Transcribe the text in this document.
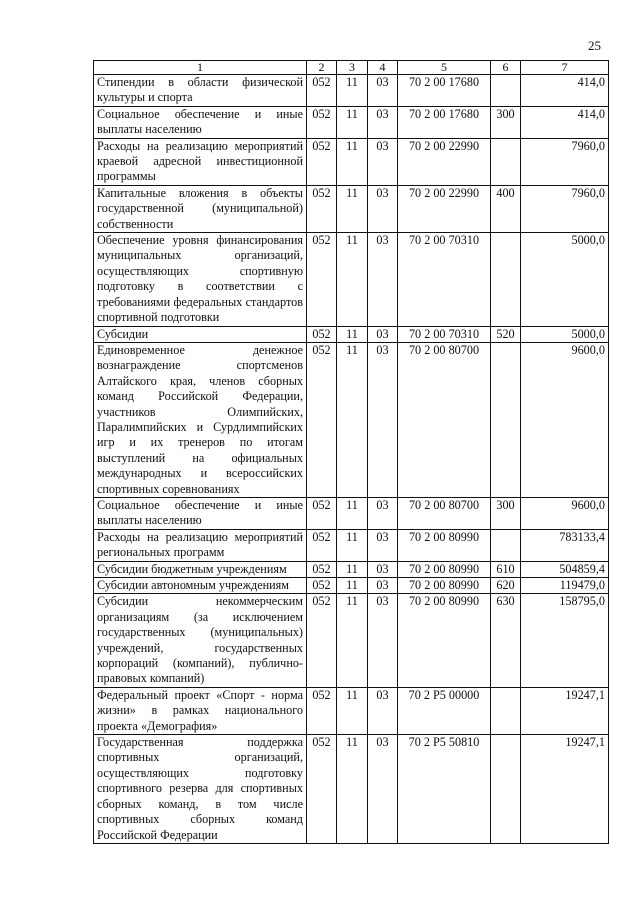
25
1	2	3	4	5	6	7
Стипендии в области физической культуры и спорта	052	11	03	70 2 00 17680		414,0
Социальное обеспечение и иные выплаты населению	052	11	03	70 2 00 17680	300	414,0
Расходы на реализацию мероприятий краевой адресной инвестиционной программы	052	11	03	70 2 00 22990		7960,0
Капитальные вложения в объекты государственной (муниципальной) собственности	052	11	03	70 2 00 22990	400	7960,0
Обеспечение уровня финансирования муниципальных организаций, осуществляющих спортивную подготовку в соответствии с требованиями федеральных стандартов спортивной подготовки	052	11	03	70 2 00 70310		5000,0
Субсидии	052	11	03	70 2 00 70310	520	5000,0
Единовременное денежное вознаграждение спортсменов Алтайского края, членов сборных команд Российской Федерации, участников Олимпийских, Паралимпийских и Сурдлимпийских игр и их тренеров по итогам выступлений на официальных международных и всероссийских спортивных соревнованиях	052	11	03	70 2 00 80700		9600,0
Социальное обеспечение и иные выплаты населению	052	11	03	70 2 00 80700	300	9600,0
Расходы на реализацию мероприятий региональных программ	052	11	03	70 2 00 80990		783133,4
Субсидии бюджетным учреждениям	052	11	03	70 2 00 80990	610	504859,4
Субсидии автономным учреждениям	052	11	03	70 2 00 80990	620	119479,0
Субсидии некоммерческим организациям (за исключением государственных (муниципальных) учреждений, государственных корпораций (компаний), публично-правовых компаний)	052	11	03	70 2 00 80990	630	158795,0
Федеральный проект «Спорт - норма жизни» в рамках национального проекта «Демография»	052	11	03	70 2 P5 00000		19247,1
Государственная поддержка спортивных организаций, осуществляющих подготовку спортивного резерва для спортивных сборных команд, в том числе спортивных сборных команд Российской Федерации	052	11	03	70 2 P5 50810		19247,1
